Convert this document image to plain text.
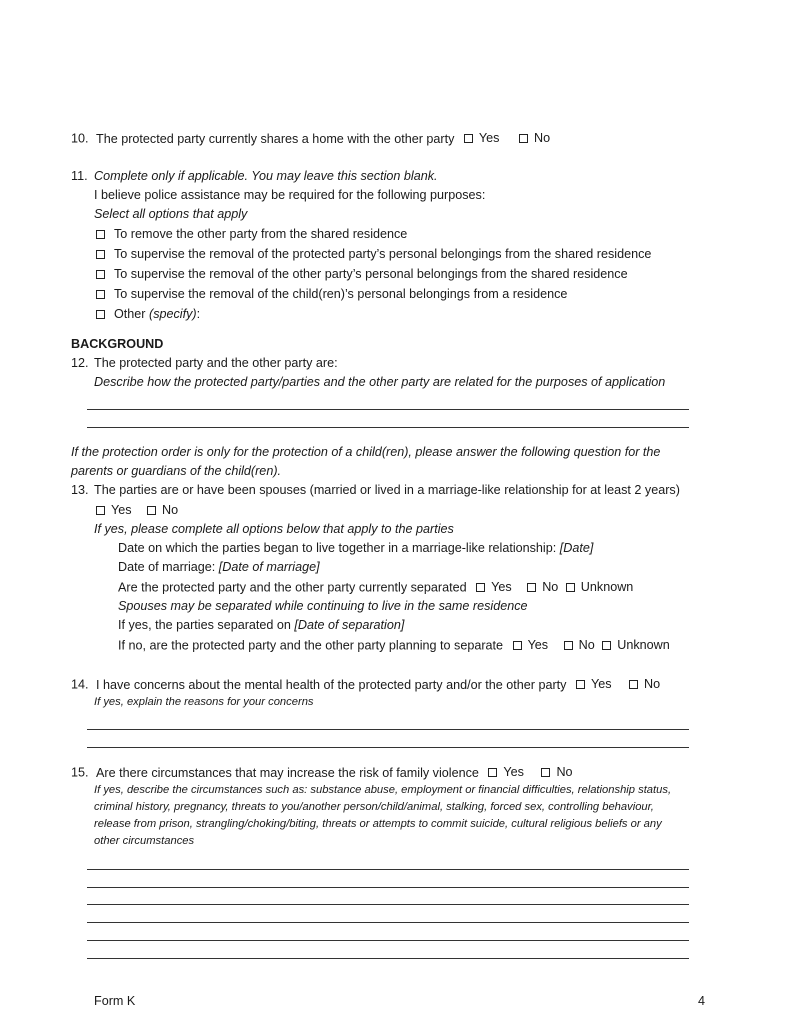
10. The protected party currently shares a home with the other party Yes
	No
11. Complete only if applicable. You may leave this section blank.
I believe police assistance may be required for the following purposes:
Select all options that apply
To remove the other party from the shared residence
To supervise the removal of the protected party’s personal belongings from the shared residence
To supervise the removal of the other party’s personal belongings from the shared residence
To supervise the removal of the child(ren)’s personal belongings from a residence
Other (specify):
BACKGROUND
12. The protected party and the other party are:
Describe how the protected party/parties and the other party are related for the purposes of application
If the protection order is only for the protection of a child(ren), please answer the following question for the
parents or guardians of the child(ren).
13. The parties are or have been spouses (married or lived in a marriage-like relationship for at least 2 years)
Yes
No
If yes, please complete all options below that apply to the parties
Date on which the parties began to live together in a marriage-like relationship: [Date]
Date of marriage: [Date of marriage]
Are the protected party and the other party currently separated Yes
No
Unknown
Spouses may be separated while continuing to live in the same residence
If yes, the parties separated on [Date of separation]
If no, are the protected party and the other party planning to separate Yes
No
Unknown
14. I have concerns about the mental health of the protected party and/or the other party Yes
	No
If yes, explain the reasons for your concerns
15. Are there circumstances that may increase the risk of family violence Yes
	No
If yes, describe the circumstances such as: substance abuse, employment or financial difficulties, relationship status,
criminal history, pregnancy, threats to you/another person/child/animal, stalking, forced sex, controlling behaviour,
release from prison, strangling/choking/biting, threats or attempts to commit suicide, cultural religious beliefs or any
other circumstances
Form K	4
